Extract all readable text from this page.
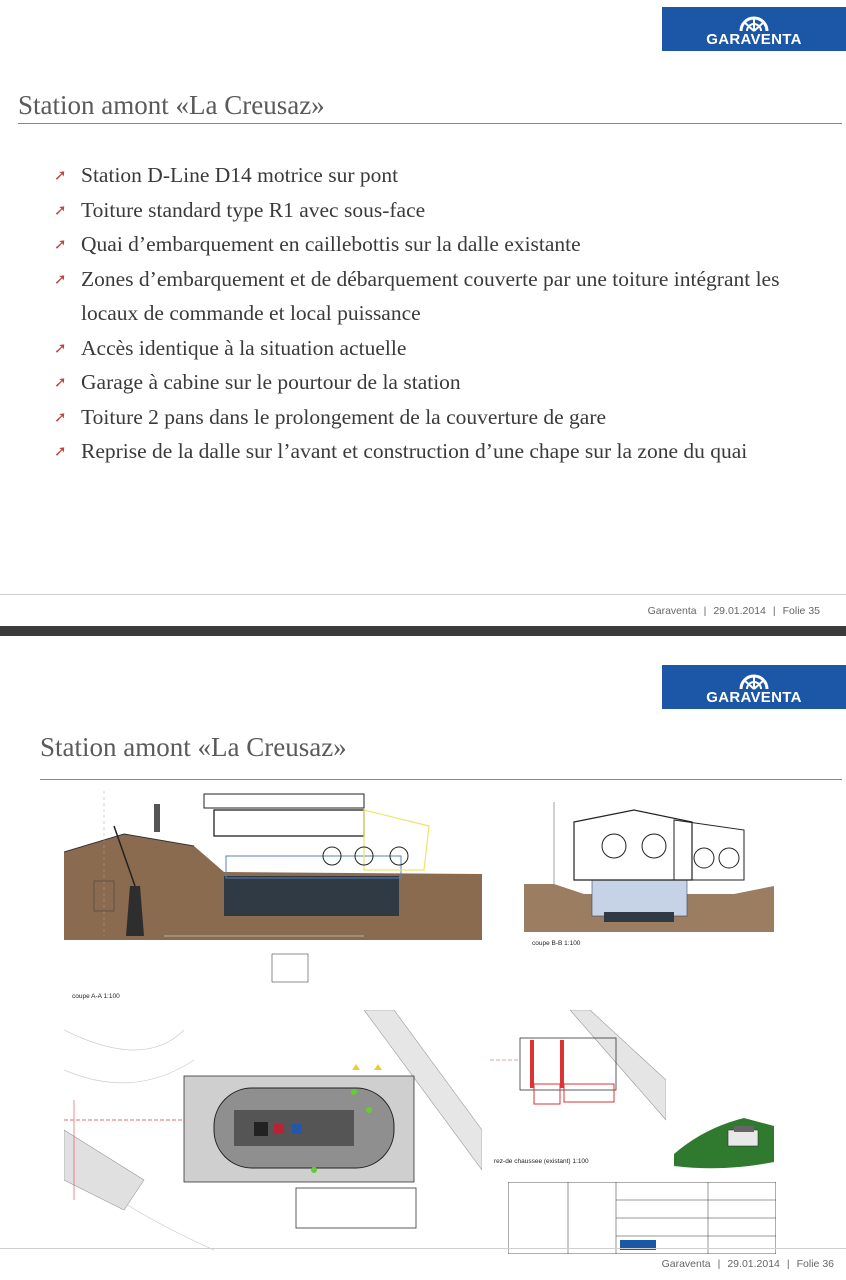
GARAVENTA
Station amont «La Creusaz»
➚ Station D-Line D14 motrice sur pont
➚ Toiture standard type R1 avec sous-face
➚ Quai d’embarquement en caillebottis sur la dalle existante
➚ Zones d’embarquement et de débarquement couverte par une toiture intégrant les locaux de commande et local puissance
➚ Accès identique à la situation actuelle
➚ Garage à cabine sur le pourtour de la station
➚ Toiture 2 pans dans le prolongement de la couverture de gare
➚ Reprise de la dalle sur l’avant et construction d’une chape sur la zone du quai
Garaventa | 29.01.2014 | Folie 35
GARAVENTA
Station amont «La Creusaz»
coupe A-A 1:100
coupe B-B 1:100
rez-de chaussee (existant) 1:100
Garaventa | 29.01.2014 | Folie 36
